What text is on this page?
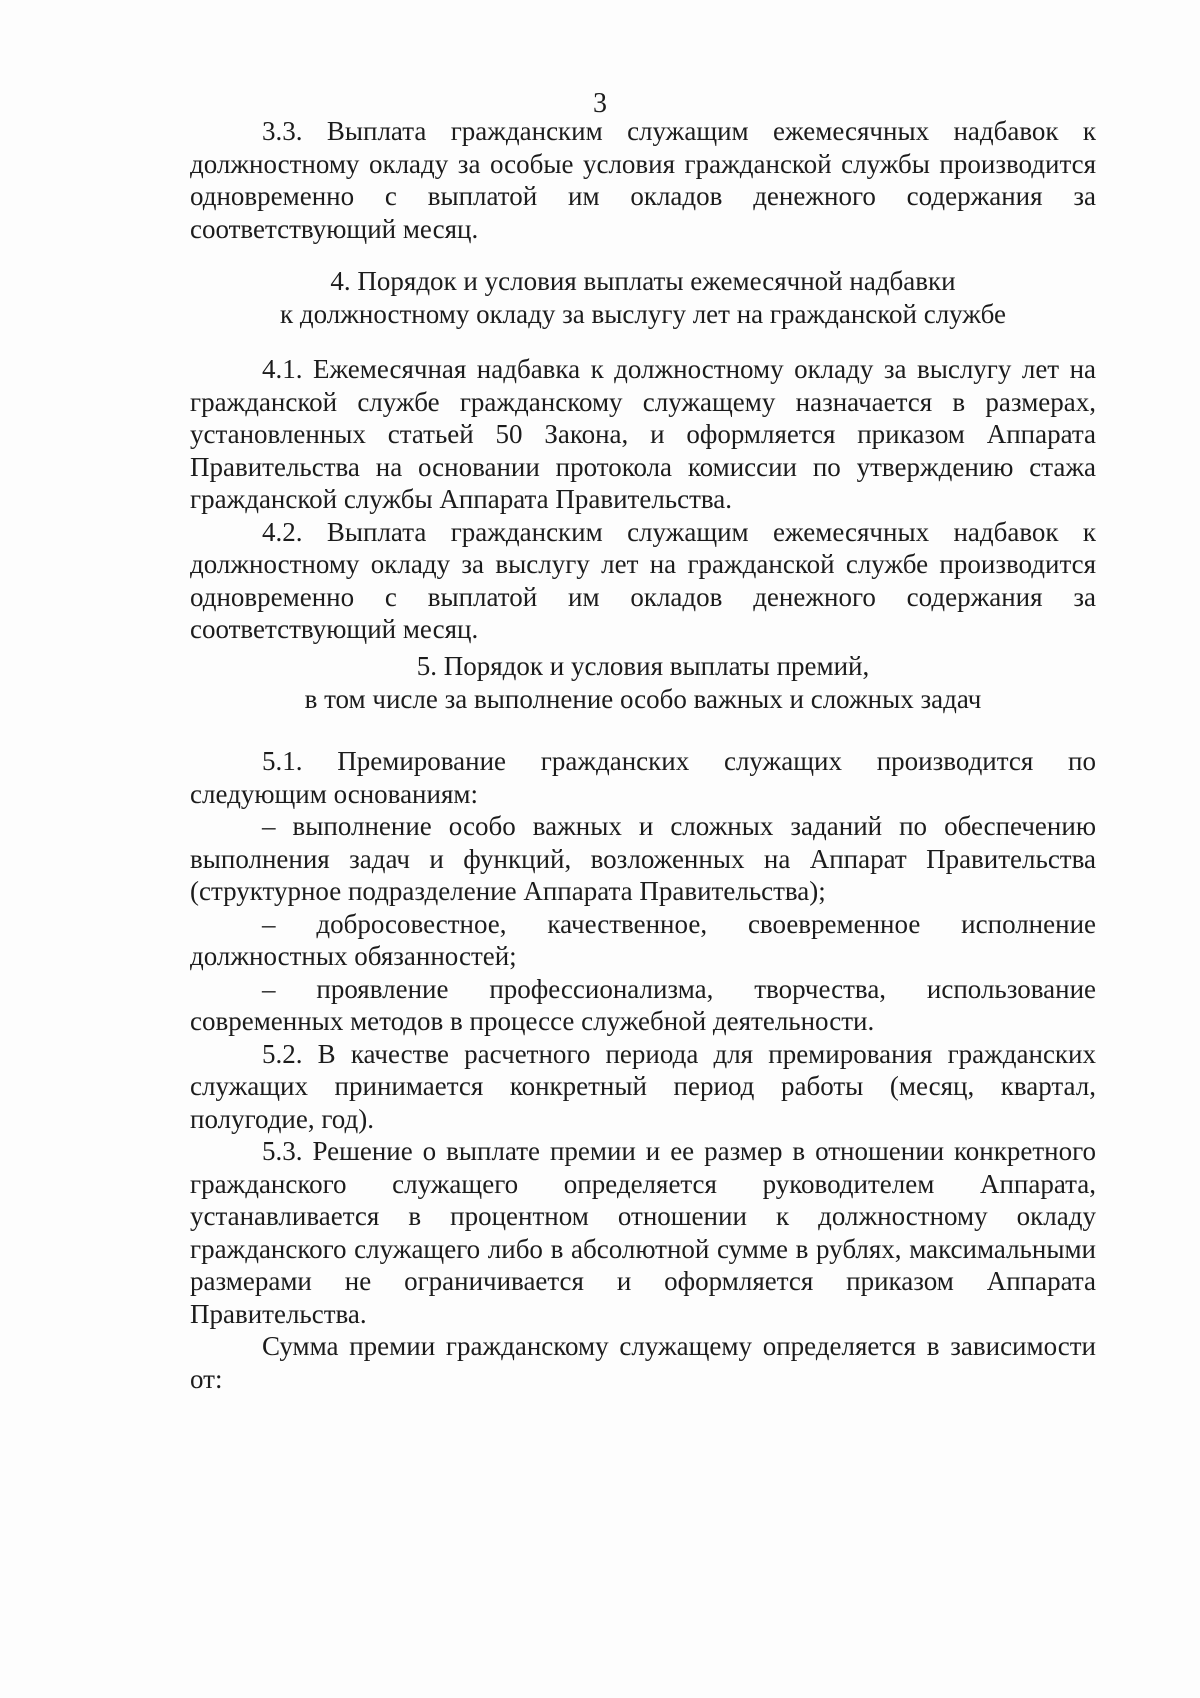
3

3.3. Выплата гражданским служащим ежемесячных надбавок к должностному окладу за особые условия гражданской службы производится одновременно с выплатой им окладов денежного содержания за соответствующий месяц.

4. Порядок и условия выплаты ежемесячной надбавки
к должностному окладу за выслугу лет на гражданской службе

4.1. Ежемесячная надбавка к должностному окладу за выслугу лет на гражданской службе гражданскому служащему назначается в размерах, установленных статьей 50 Закона, и оформляется приказом Аппарата Правительства на основании протокола комиссии по утверждению стажа гражданской службы Аппарата Правительства.

4.2. Выплата гражданским служащим ежемесячных надбавок к должностному окладу за выслугу лет на гражданской службе производится одновременно с выплатой им окладов денежного содержания за соответствующий месяц.

5. Порядок и условия выплаты премий,
в том числе за выполнение особо важных и сложных задач

5.1. Премирование гражданских служащих производится по следующим основаниям:

– выполнение особо важных и сложных заданий по обеспечению выполнения задач и функций, возложенных на Аппарат Правительства (структурное подразделение Аппарата Правительства);

– добросовестное, качественное, своевременное исполнение должностных обязанностей;

– проявление профессионализма, творчества, использование современных методов в процессе служебной деятельности.

5.2. В качестве расчетного периода для премирования гражданских служащих принимается конкретный период работы (месяц, квартал, полугодие, год).

5.3. Решение о выплате премии и ее размер в отношении конкретного гражданского служащего определяется руководителем Аппарата, устанавливается в процентном отношении к должностному окладу гражданского служащего либо в абсолютной сумме в рублях, максимальными размерами не ограничивается и оформляется приказом Аппарата Правительства.

Сумма премии гражданскому служащему определяется в зависимости от:
